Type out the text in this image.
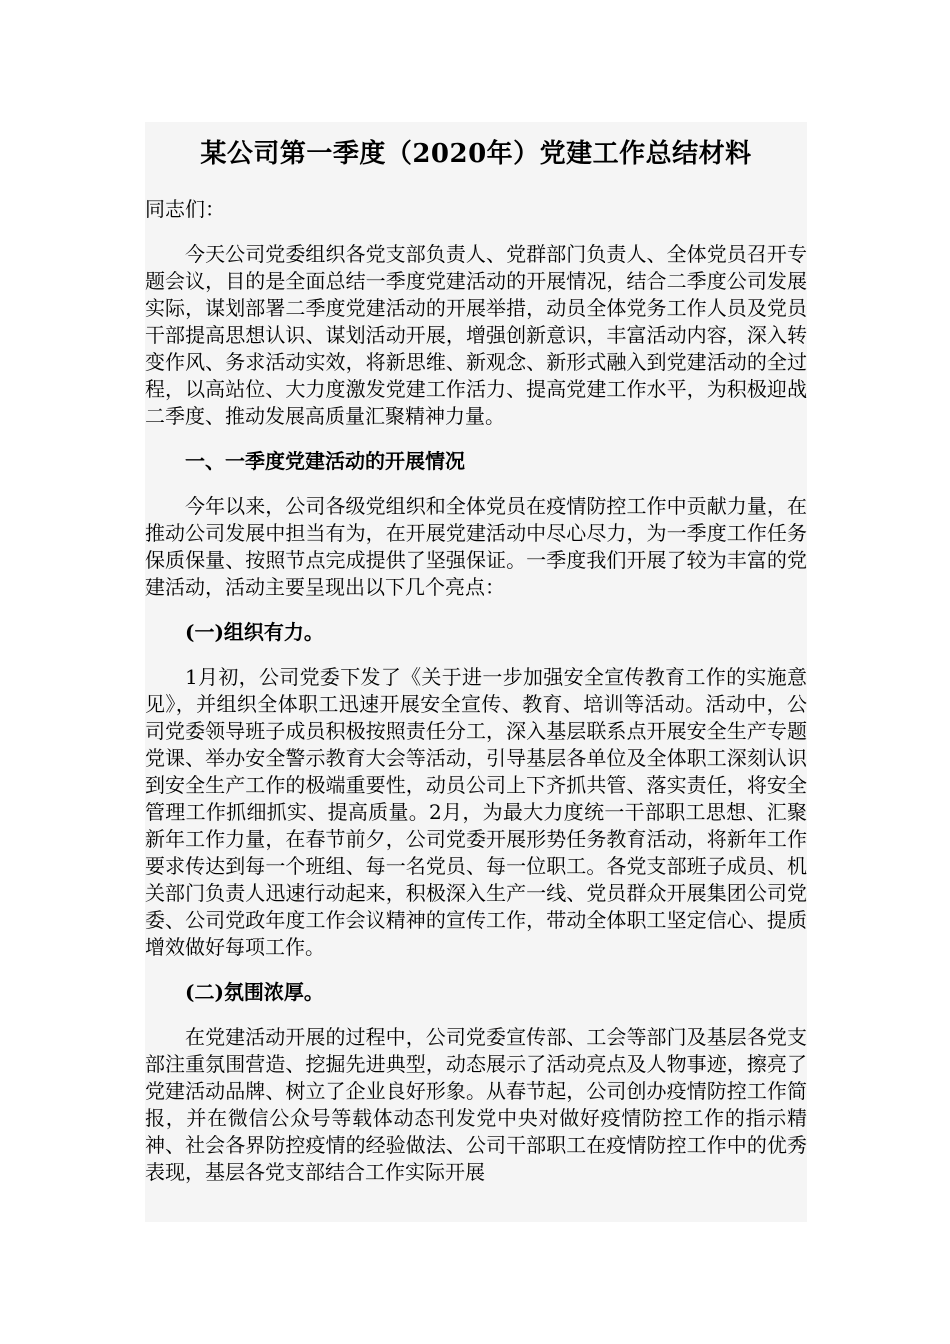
某公司第一季度（2020年）党建工作总结材料
同志们：
今天公司党委组织各党支部负责人、党群部门负责人、全体党员召开专题会议，目的是全面总结一季度党建活动的开展情况，结合二季度公司发展实际，谋划部署二季度党建活动的开展举措，动员全体党务工作人员及党员干部提高思想认识、谋划活动开展，增强创新意识，丰富活动内容，深入转变作风、务求活动实效，将新思维、新观念、新形式融入到党建活动的全过程，以高站位、大力度激发党建工作活力、提高党建工作水平，为积极迎战二季度、推动发展高质量汇聚精神力量。
一、一季度党建活动的开展情况
今年以来，公司各级党组织和全体党员在疫情防控工作中贡献力量，在推动公司发展中担当有为，在开展党建活动中尽心尽力，为一季度工作任务保质保量、按照节点完成提供了坚强保证。一季度我们开展了较为丰富的党建活动，活动主要呈现出以下几个亮点：
(一)组织有力。
1月初，公司党委下发了《关于进一步加强安全宣传教育工作的实施意见》，并组织全体职工迅速开展安全宣传、教育、培训等活动。活动中，公司党委领导班子成员积极按照责任分工，深入基层联系点开展安全生产专题党课、举办安全警示教育大会等活动，引导基层各单位及全体职工深刻认识到安全生产工作的极端重要性，动员公司上下齐抓共管、落实责任，将安全管理工作抓细抓实、提高质量。2月，为最大力度统一干部职工思想、汇聚新年工作力量，在春节前夕，公司党委开展形势任务教育活动，将新年工作要求传达到每一个班组、每一名党员、每一位职工。各党支部班子成员、机关部门负责人迅速行动起来，积极深入生产一线、党员群众开展集团公司党委、公司党政年度工作会议精神的宣传工作，带动全体职工坚定信心、提质增效做好每项工作。
(二)氛围浓厚。
在党建活动开展的过程中，公司党委宣传部、工会等部门及基层各党支部注重氛围营造、挖掘先进典型，动态展示了活动亮点及人物事迹，擦亮了党建活动品牌、树立了企业良好形象。从春节起，公司创办疫情防控工作简报，并在微信公众号等载体动态刊发党中央对做好疫情防控工作的指示精神、社会各界防控疫情的经验做法、公司干部职工在疫情防控工作中的优秀表现，基层各党支部结合工作实际开展
